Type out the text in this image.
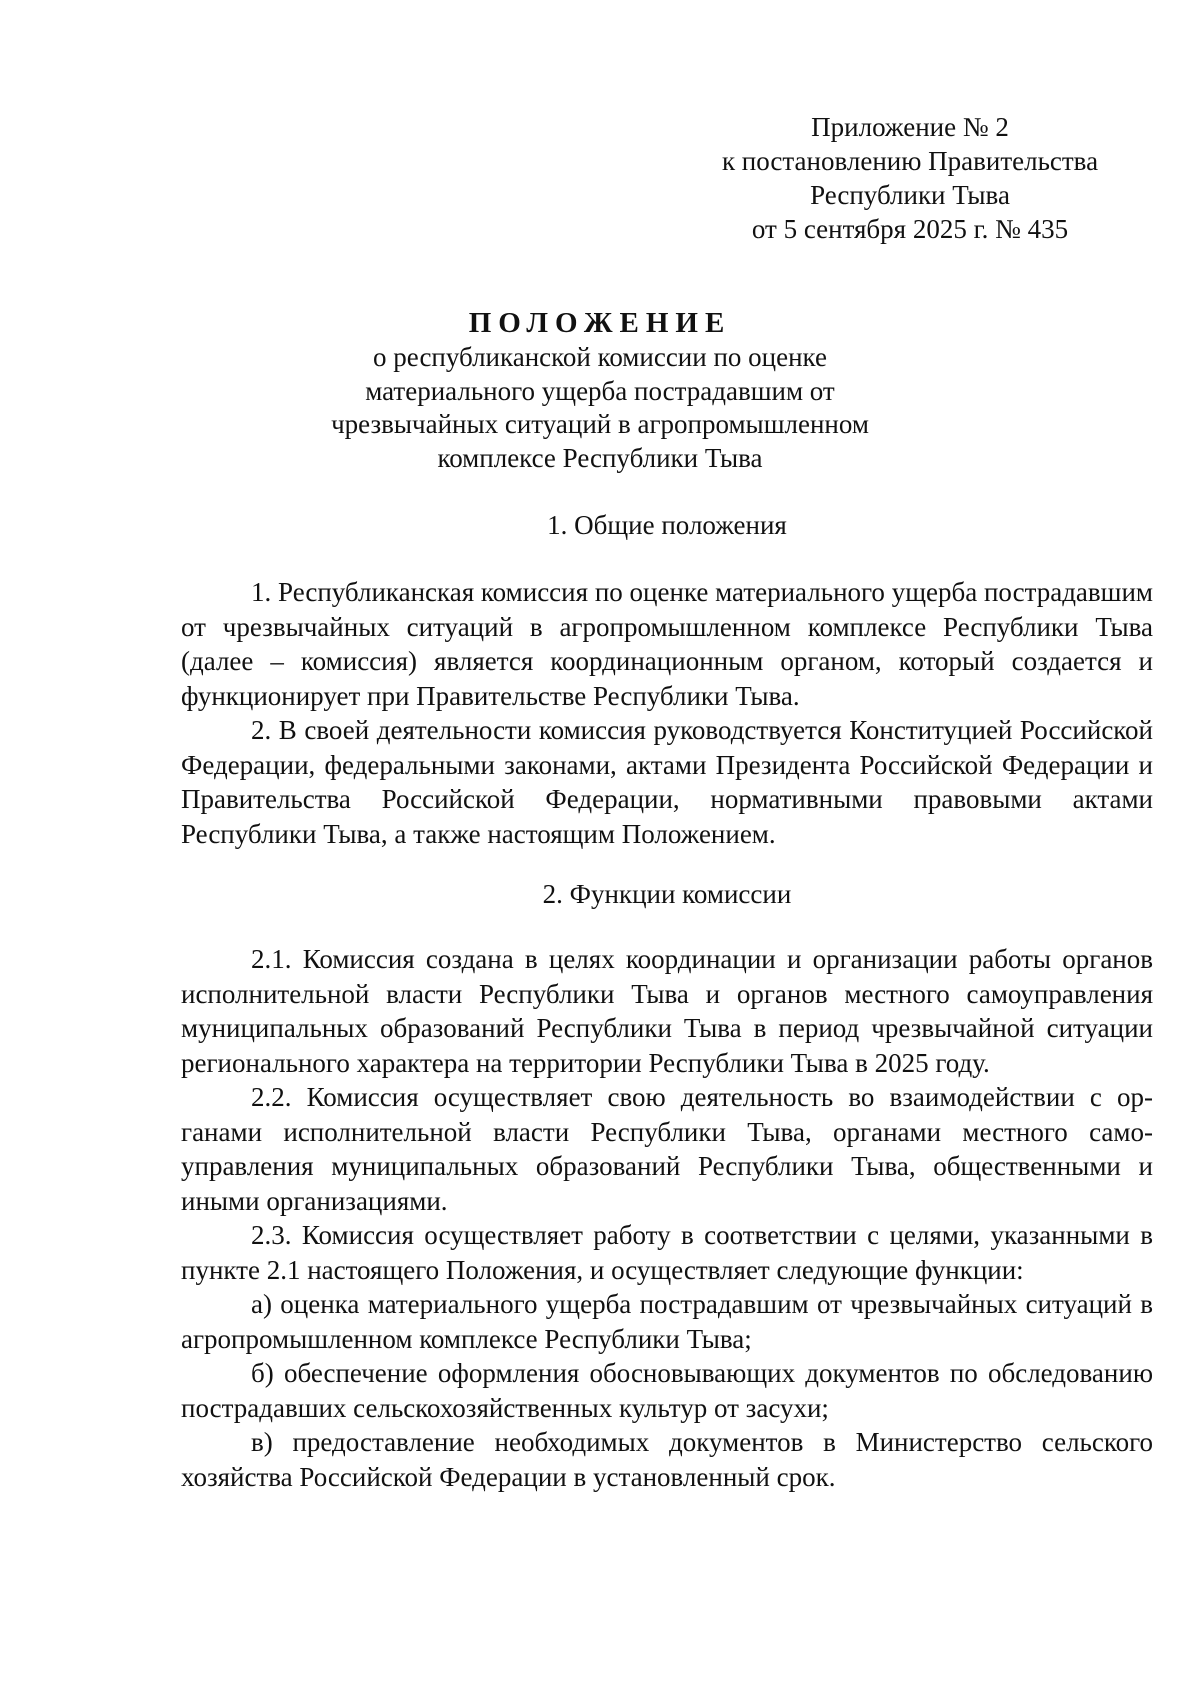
Приложение № 2
к постановлению Правительства
Республики Тыва
от 5 сентября 2025 г. № 435
ПОЛОЖЕНИЕ
о республиканской комиссии по оценке
материального ущерба пострадавшим от
чрезвычайных ситуаций в агропромышленном
комплексе Республики Тыва
1. Общие положения

1. Республиканская комиссия по оценке материального ущерба пострадавшим от чрезвычайных ситуаций в агропромышленном комплексе Республики Тыва (далее – комиссия) является координационным органом, который создается и функционирует при Правительстве Республики Тыва.

2. В своей деятельности комиссия руководствуется Конституцией Российской Федерации, федеральными законами, актами Президента Российской Федерации и Правительства Российской Федерации, нормативными правовыми актами Республики Тыва, а также настоящим Положением.

2. Функции комиссии

2.1. Комиссия создана в целях координации и организации работы органов исполнительной власти Республики Тыва и органов местного самоуправления муниципальных образований Республики Тыва в период чрезвычайной ситуации регионального характера на территории Республики Тыва в 2025 году.

2.2. Комиссия осуществляет свою деятельность во взаимодействии с органами исполнительной власти Республики Тыва, органами местного самоуправления муниципальных образований Республики Тыва, общественными и иными организациями.

2.3. Комиссия осуществляет работу в соответствии с целями, указанными в пункте 2.1 настоящего Положения, и осуществляет следующие функции:

а) оценка материального ущерба пострадавшим от чрезвычайных ситуаций в агропромышленном комплексе Республики Тыва;

б) обеспечение оформления обосновывающих документов по обследованию пострадавших сельскохозяйственных культур от засухи;

в) предоставление необходимых документов в Министерство сельского хозяйства Российской Федерации в установленный срок.
